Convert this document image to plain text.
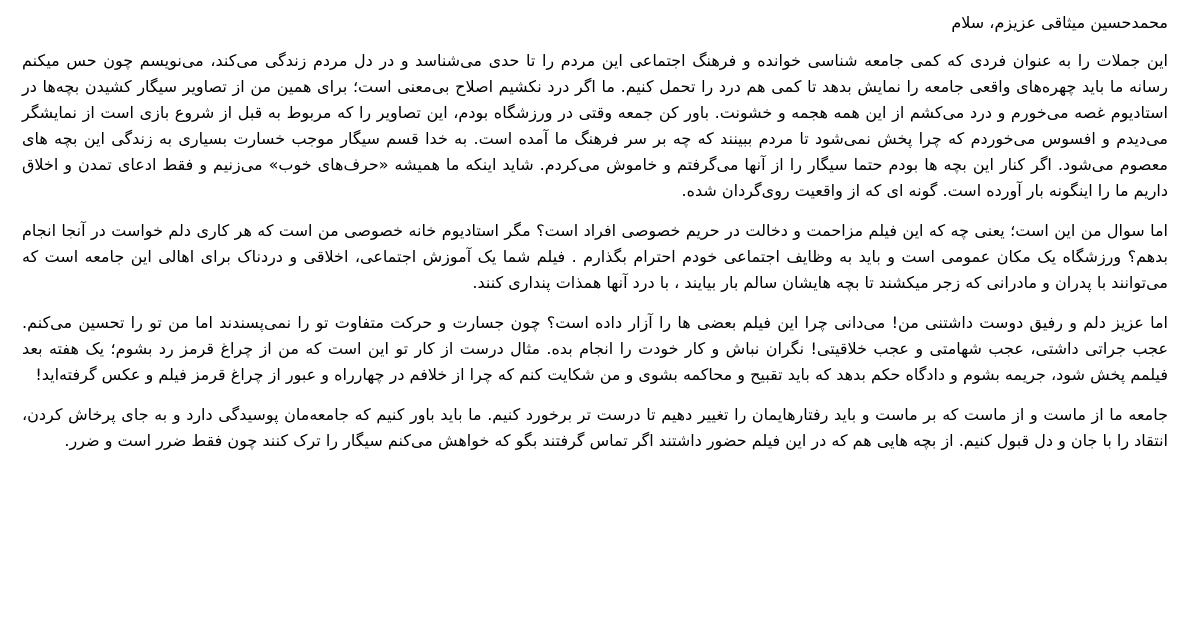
محمدحسین میثاقی عزیزم، سلام

این جملات را به عنوان فردی که کمی جامعه شناسی خوانده و فرهنگ اجتماعی این مردم را تا حدی می‌شناسد و در دل مردم زندگی می‌کند، می‌نویسم چون حس میکنم رسانه ما باید چهره‌های واقعی جامعه را نمایش بدهد تا کمی هم درد را تحمل کنیم. ما اگر درد نکشیم اصلاح بی‌معنی است؛ برای همین من از تصاویر سیگار کشیدن بچه‌ها در استادیوم غصه می‌خورم و درد می‌کشم از این همه هجمه و خشونت. باور کن جمعه وقتی در ورزشگاه بودم، این تصاویر را که مربوط به قبل از شروع بازی است از نمایشگر می‌دیدم و افسوس می‌خوردم که چرا پخش نمی‌شود تا مردم ببینند که چه بر سر فرهنگ ما آمده است. به خدا قسم سیگار موجب خسارت بسیاری به زندگی این بچه های معصوم می‌شود. اگر کنار این بچه ها بودم حتما سیگار را از آنها می‌گرفتم و خاموش می‌کردم. شاید اینکه ما همیشه «حرف‌های خوب» می‌زنیم و فقط ادعای تمدن و اخلاق داریم ما را اینگونه بار آورده است. گونه ای که از واقعیت روی‌گردان شده.

اما سوال من این است؛ یعنی چه که این فیلم مزاحمت و دخالت در حریم خصوصی افراد است؟ مگر استادیوم خانه خصوصی من است که هر کاری دلم خواست در آنجا انجام بدهم؟ ورزشگاه یک مکان عمومی است و باید به وظایف اجتماعی خودم احترام بگذارم . فیلم شما یک آموزش اجتماعی، اخلاقی و دردناک برای اهالی این جامعه است که می‌توانند با پدران و مادرانی که زجر میکشند تا بچه هایشان سالم بار بیایند ، با درد آنها همذات پنداری کنند.

اما عزیز دلم و رفیق دوست داشتنی من! می‌دانی چرا این فیلم بعضی ها را آزار داده است؟ چون جسارت و حرکت متفاوت تو را نمی‌پسندند اما من تو را تحسین می‌کنم. عجب جراتی داشتی، عجب شهامتی و عجب خلاقیتی! نگران نباش و کار خودت را انجام بده. مثال درست از کار تو این است که من از چراغ قرمز رد بشوم؛ یک هفته بعد فیلمم پخش شود، جریمه بشوم و دادگاه حکم بدهد که باید تقبیح و محاکمه بشوی و من شکایت کنم که چرا از خلافم در چهارراه و عبور از چراغ قرمز فیلم و عکس گرفته‌اید!

جامعه ما از ماست و از ماست که بر ماست و باید رفتارهایمان را تغییر دهیم تا درست تر برخورد کنیم. ما باید باور کنیم که جامعه‌مان پوسیدگی دارد و به جای پرخاش کردن، انتقاد را با جان و دل قبول کنیم. از بچه هایی هم که در این فیلم حضور داشتند اگر تماس گرفتند بگو که خواهش می‌کنم سیگار را ترک کنند چون فقط ضرر است و ضرر.
